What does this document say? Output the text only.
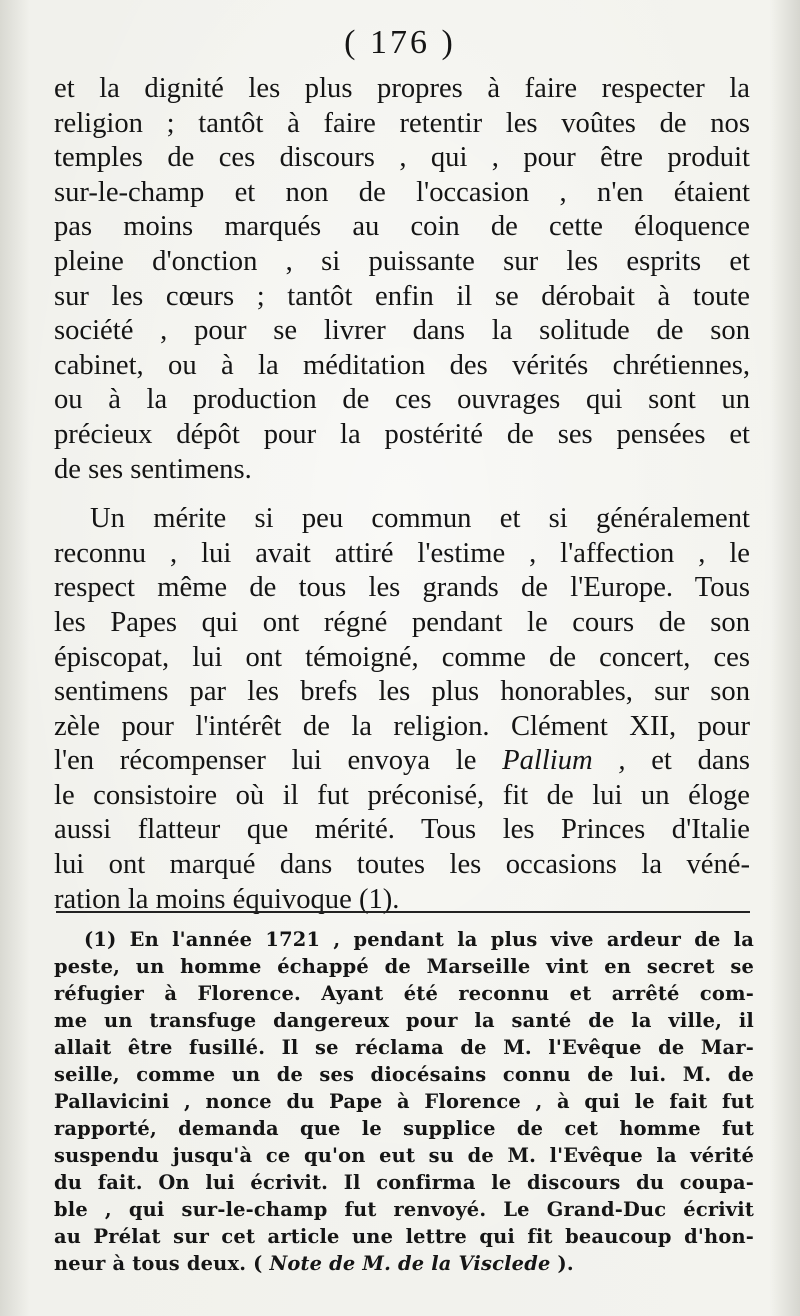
( 176 )
et la dignité les plus propres à faire respecter la
religion ; tantôt à faire retentir les voûtes de nos
temples de ces discours , qui , pour être produit
sur-le-champ et non de l'occasion , n'en étaient
pas moins marqués au coin de cette éloquence
pleine d'onction , si puissante sur les esprits et
sur les cœurs ; tantôt enfin il se dérobait à toute
société , pour se livrer dans la solitude de son
cabinet, ou à la méditation des vérités chrétiennes,
ou à la production de ces ouvrages qui sont un
précieux dépôt pour la postérité de ses pensées et
de ses sentimens.
Un mérite si peu commun et si généralement
reconnu , lui avait attiré l'estime , l'affection , le
respect même de tous les grands de l'Europe. Tous
les Papes qui ont régné pendant le cours de son
épiscopat, lui ont témoigné, comme de concert, ces
sentimens par les brefs les plus honorables, sur son
zèle pour l'intérêt de la religion. Clément XII, pour
l'en récompenser lui envoya le Pallium , et dans
le consistoire où il fut préconisé, fit de lui un éloge
aussi flatteur que mérité. Tous les Princes d'Italie
lui ont marqué dans toutes les occasions la véné-
ration la moins équivoque (1).
(1) En l'année 1721 , pendant la plus vive ardeur de la
peste, un homme échappé de Marseille vint en secret se
réfugier à Florence. Ayant été reconnu et arrêté com-
me un transfuge dangereux pour la santé de la ville, il
allait être fusillé. Il se réclama de M. l'Evêque de Mar-
seille, comme un de ses diocésains connu de lui. M. de
Pallavicini , nonce du Pape à Florence , à qui le fait fut
rapporté, demanda que le supplice de cet homme fut
suspendu jusqu'à ce qu'on eut su de M. l'Evêque la vérité
du fait. On lui écrivit. Il confirma le discours du coupa-
ble , qui sur-le-champ fut renvoyé. Le Grand-Duc écrivit
au Prélat sur cet article une lettre qui fit beaucoup d'hon-
neur à tous deux. ( Note de M. de la Visclede ).
